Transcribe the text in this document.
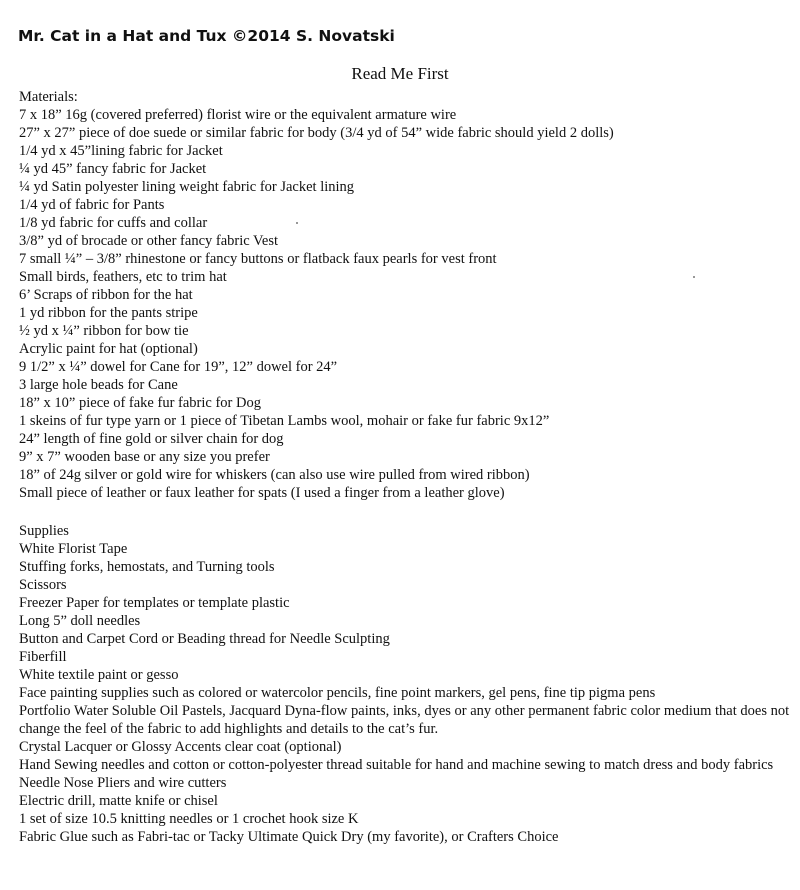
Mr. Cat in a Hat and Tux ©2014 S. Novatski
Read Me First
Materials:
7 x 18” 16g (covered preferred) florist wire or the equivalent armature wire
27” x 27” piece of doe suede or similar fabric for body (3/4 yd of 54” wide fabric should yield 2 dolls)
1/4 yd x 45”lining fabric for Jacket
¼ yd 45” fancy fabric for Jacket
¼ yd Satin polyester lining weight fabric for Jacket lining
1/4 yd of fabric for Pants
1/8 yd fabric for cuffs and collar
3/8” yd of brocade or other fancy fabric Vest
7 small ¼” – 3/8” rhinestone or fancy buttons or flatback faux pearls for vest front
Small birds, feathers, etc to trim hat
6’ Scraps of ribbon for the hat
1 yd ribbon for the pants stripe
½ yd x ¼” ribbon for bow tie
Acrylic paint for hat (optional)
9 1/2” x ¼” dowel for Cane for 19”, 12” dowel for 24”
3 large hole beads for Cane
18” x 10” piece of fake fur fabric for Dog
1 skeins of fur type yarn or 1 piece of Tibetan Lambs wool, mohair or fake fur fabric 9x12”
24” length of fine gold or silver chain for dog
9” x 7” wooden base or any size you prefer
18” of 24g silver or gold wire for whiskers (can also use wire pulled from wired ribbon)
Small piece of leather or faux leather for spats (I used a finger from a leather glove)
Supplies
White Florist Tape
Stuffing forks, hemostats, and Turning tools
Scissors
Freezer Paper for templates or template plastic
Long 5” doll needles
Button and Carpet Cord or Beading thread for Needle Sculpting
Fiberfill
White textile paint or gesso
Face painting supplies such as colored or watercolor pencils, fine point markers, gel pens, fine tip pigma pens
Portfolio Water Soluble Oil Pastels, Jacquard Dyna-flow paints, inks, dyes or any other permanent fabric color medium that does not change the feel of the fabric to add highlights and details to the cat’s fur.
Crystal Lacquer or Glossy Accents clear coat (optional)
Hand Sewing needles and cotton or cotton-polyester thread suitable for hand and machine sewing to match dress and body fabrics
Needle Nose Pliers and wire cutters
Electric drill, matte knife or chisel
1 set of size 10.5 knitting needles or 1 crochet hook size K
Fabric Glue such as Fabri-tac or Tacky Ultimate Quick Dry (my favorite), or Crafters Choice
